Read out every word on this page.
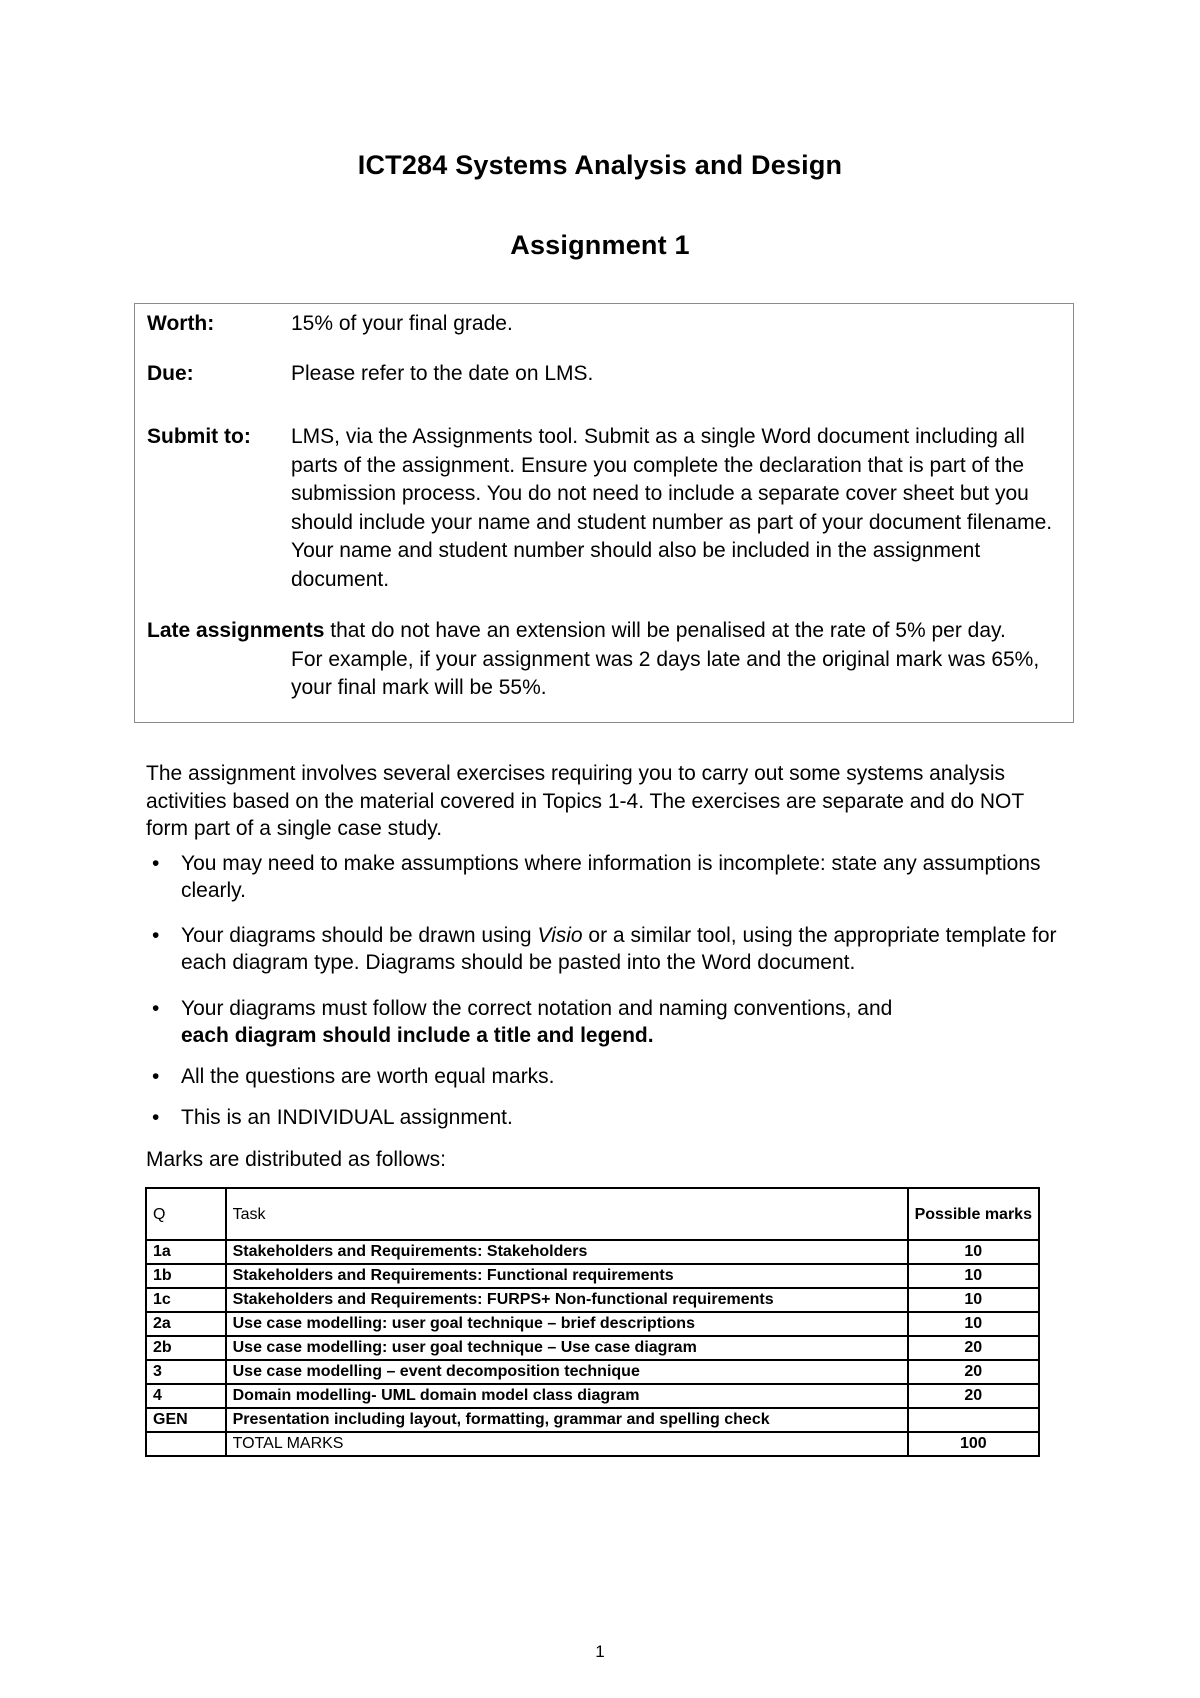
ICT284 Systems Analysis and Design
Assignment 1
Worth:	15% of your final grade.
Due:	Please refer to the date on LMS.
Submit to: LMS, via the Assignments tool. Submit as a single Word document including all parts of the assignment. Ensure you complete the declaration that is part of the submission process. You do not need to include a separate cover sheet but you should include your name and student number as part of your document filename. Your name and student number should also be included in the assignment document.
Late assignments that do not have an extension will be penalised at the rate of 5% per day.
For example, if your assignment was 2 days late and the original mark was 65%, your final mark will be 55%.
The assignment involves several exercises requiring you to carry out some systems analysis activities based on the material covered in Topics 1-4. The exercises are separate and do NOT form part of a single case study.
• You may need to make assumptions where information is incomplete: state any assumptions clearly.
• Your diagrams should be drawn using Visio or a similar tool, using the appropriate template for each diagram type. Diagrams should be pasted into the Word document.
• Your diagrams must follow the correct notation and naming conventions, and
each diagram should include a title and legend.
• All the questions are worth equal marks.
• This is an INDIVIDUAL assignment.
Marks are distributed as follows:
Q	Task	Possible marks
1a	Stakeholders and Requirements: Stakeholders	10
1b	Stakeholders and Requirements: Functional requirements	10
1c	Stakeholders and Requirements: FURPS+ Non-functional requirements	10
2a	Use case modelling: user goal technique – brief descriptions	10
2b	Use case modelling: user goal technique – Use case diagram	20
3	Use case modelling – event decomposition technique	20
4	Domain modelling- UML domain model class diagram	20
GEN	Presentation including layout, formatting, grammar and spelling check	
	TOTAL MARKS	100
1
